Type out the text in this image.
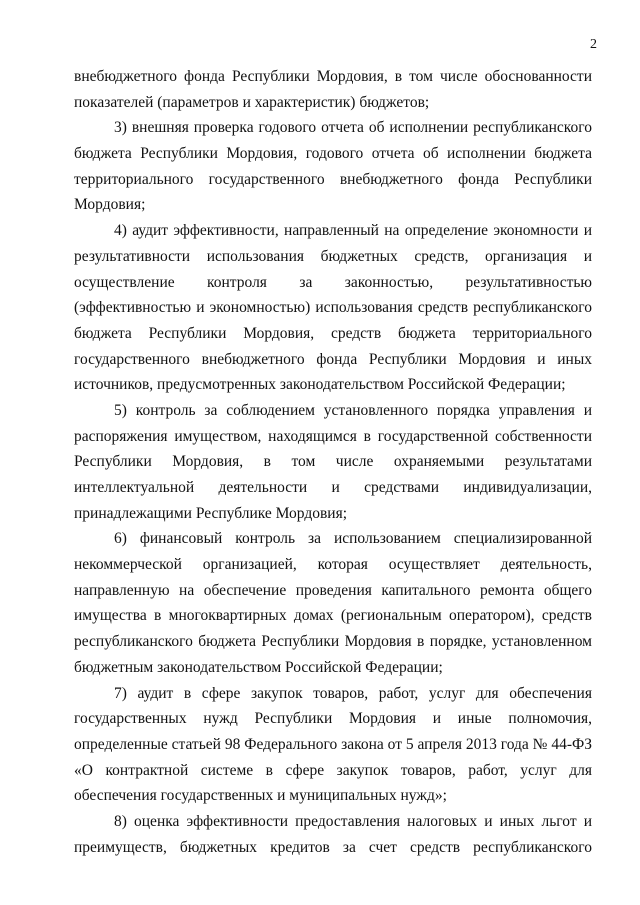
2
внебюджетного фонда Республики Мордовия, в том числе обоснованности
показателей (параметров и характеристик) бюджетов;
3) внешняя проверка годового отчета об исполнении республиканского
бюджета Республики Мордовия, годового отчета об исполнении бюджета
территориального государственного внебюджетного фонда Республики
Мордовия;
4) аудит эффективности, направленный на определение экономности и
результативности использования бюджетных средств, организация и
осуществление контроля за законностью, результативностью
(эффективностью и экономностью) использования средств республиканского
бюджета Республики Мордовия, средств бюджета территориального
государственного внебюджетного фонда Республики Мордовия и иных
источников, предусмотренных законодательством Российской Федерации;
5) контроль за соблюдением установленного порядка управления и
распоряжения имуществом, находящимся в государственной собственности
Республики Мордовия, в том числе охраняемыми результатами
интеллектуальной деятельности и средствами индивидуализации,
принадлежащими Республике Мордовия;
6) финансовый контроль за использованием специализированной
некоммерческой организацией, которая осуществляет деятельность,
направленную на обеспечение проведения капитального ремонта общего
имущества в многоквартирных домах (региональным оператором), средств
республиканского бюджета Республики Мордовия в порядке, установленном
бюджетным законодательством Российской Федерации;
7) аудит в сфере закупок товаров, работ, услуг для обеспечения
государственных нужд Республики Мордовия и иные полномочия,
определенные статьей 98 Федерального закона от 5 апреля 2013 года № 44-ФЗ
«О контрактной системе в сфере закупок товаров, работ, услуг для
обеспечения государственных и муниципальных нужд»;
8) оценка эффективности предоставления налоговых и иных льгот и
преимуществ, бюджетных кредитов за счет средств республиканского
